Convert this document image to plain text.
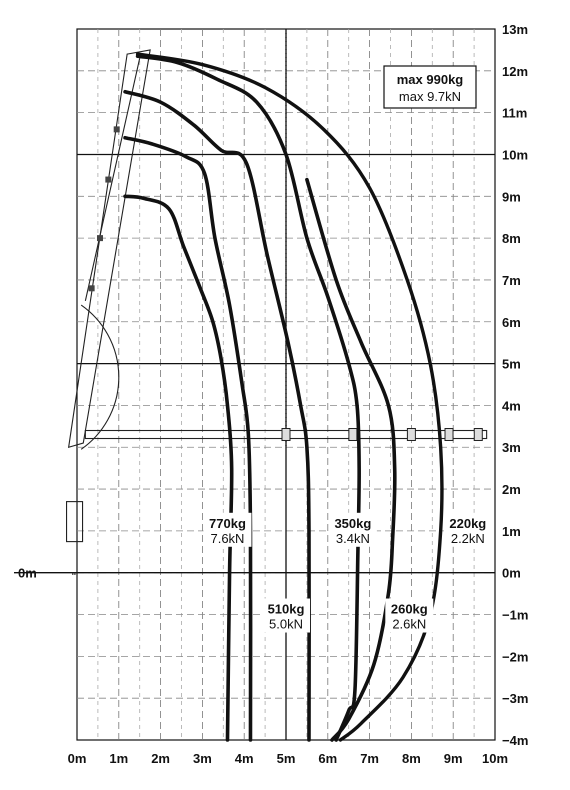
0m 1m 2m 3m 4m 5m 6m 7m 8m 9m 10m
13m
12m
11m
10m
9m
8m
7m
6m
5m
4m
3m
2m
1m
0m
−1m
−2m
−3m
−4m
0m
770kg
7.6kN
510kg
5.0kN
350kg
3.4kN
260kg
2.6kN
220kg
2.2kN
max 990kg
max 9.7kN
